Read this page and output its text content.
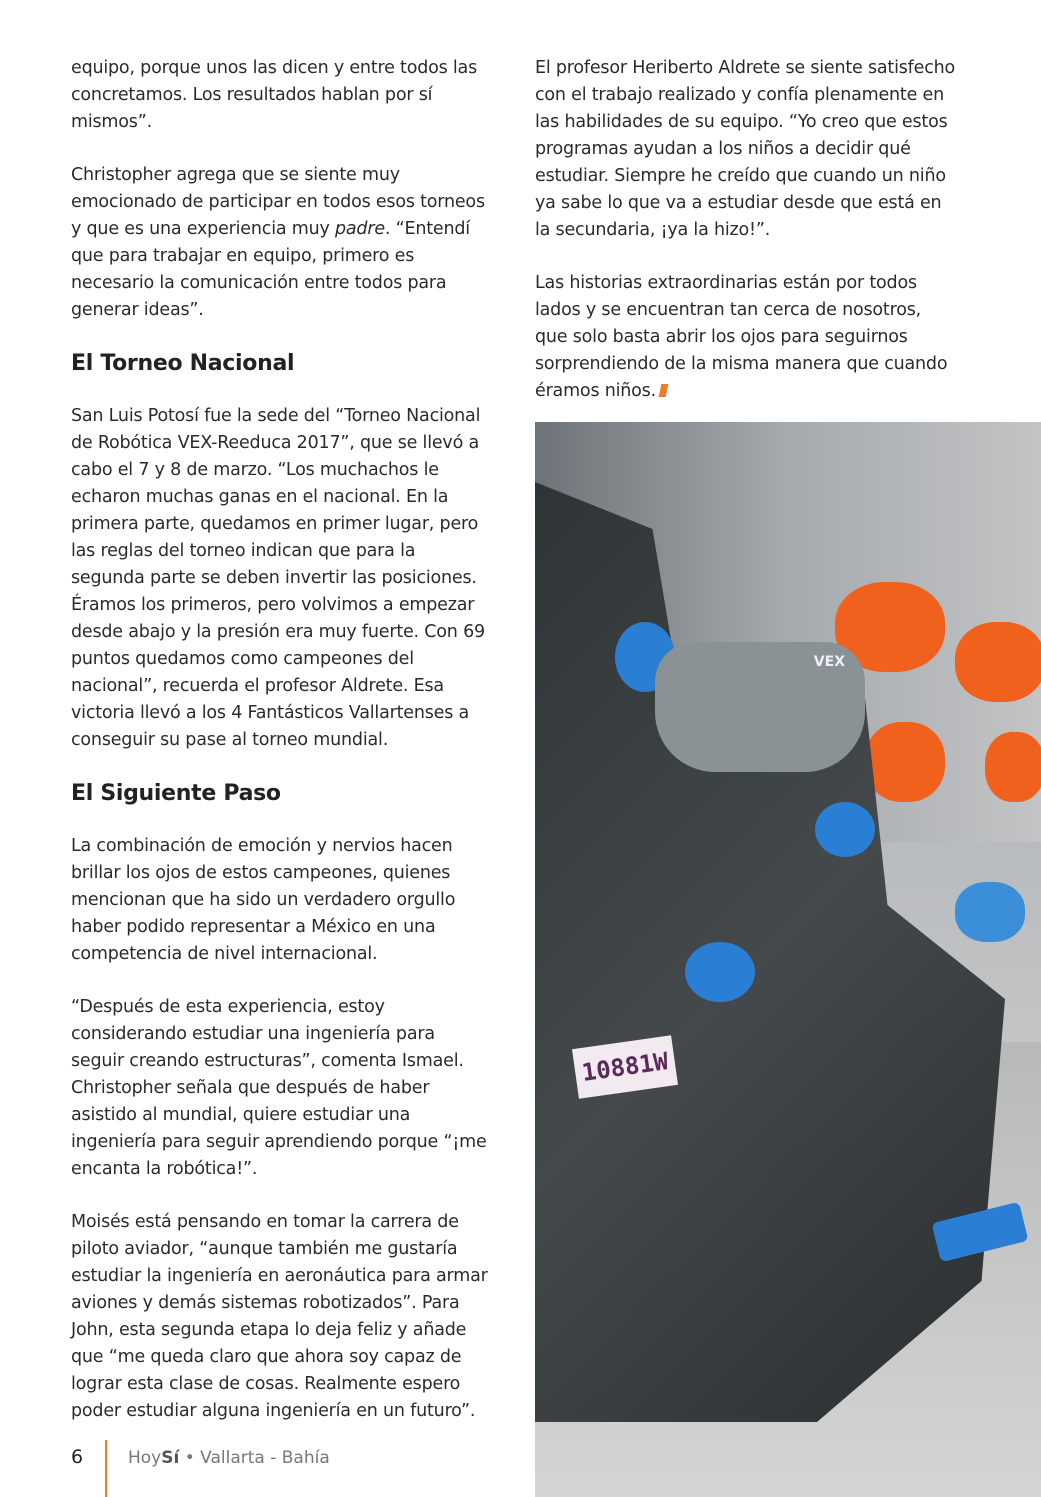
equipo, porque unos las dicen y entre todos las concretamos. Los resultados hablan por sí mismos”.

Christopher agrega que se siente muy emocionado de participar en todos esos torneos y que es una experiencia muy padre. “Entendí que para trabajar en equipo, primero es necesario la comunicación entre todos para generar ideas”.

El Torneo Nacional

San Luis Potosí fue la sede del “Torneo Nacional de Robótica VEX-Reeduca 2017”, que se llevó a cabo el 7 y 8 de marzo. “Los muchachos le echaron muchas ganas en el nacional. En la primera parte, quedamos en primer lugar, pero las reglas del torneo indican que para la segunda parte se deben invertir las posiciones. Éramos los primeros, pero volvimos a empezar desde abajo y la presión era muy fuerte. Con 69 puntos quedamos como campeones del nacional”, recuerda el profesor Aldrete. Esa victoria llevó a los 4 Fantásticos Vallartenses a conseguir su pase al torneo mundial.

El Siguiente Paso

La combinación de emoción y nervios hacen brillar los ojos de estos campeones, quienes mencionan que ha sido un verdadero orgullo haber podido representar a México en una competencia de nivel internacional.

“Después de esta experiencia, estoy considerando estudiar una ingeniería para seguir creando estructuras”, comenta Ismael. Christopher señala que después de haber asistido al mundial, quiere estudiar una ingeniería para seguir aprendiendo porque “¡me encanta la robótica!”.

Moisés está pensando en tomar la carrera de piloto aviador, “aunque también me gustaría estudiar la ingeniería en aeronáutica para armar aviones y demás sistemas robotizados”. Para John, esta segunda etapa lo deja feliz y añade que “me queda claro que ahora soy capaz de lograr esta clase de cosas. Realmente espero poder estudiar alguna ingeniería en un futuro”.

El profesor Heriberto Aldrete se siente satisfecho con el trabajo realizado y confía plenamente en las habilidades de su equipo. “Yo creo que estos programas ayudan a los niños a decidir qué estudiar. Siempre he creído que cuando un niño ya sabe lo que va a estudiar desde que está en la secundaria, ¡ya la hizo!”.

Las historias extraordinarias están por todos lados y se encuentran tan cerca de nosotros, que solo basta abrir los ojos para seguirnos sorprendiendo de la misma manera que cuando éramos niños.

VEX
10881W
6	HoySí • Vallarta - Bahía
